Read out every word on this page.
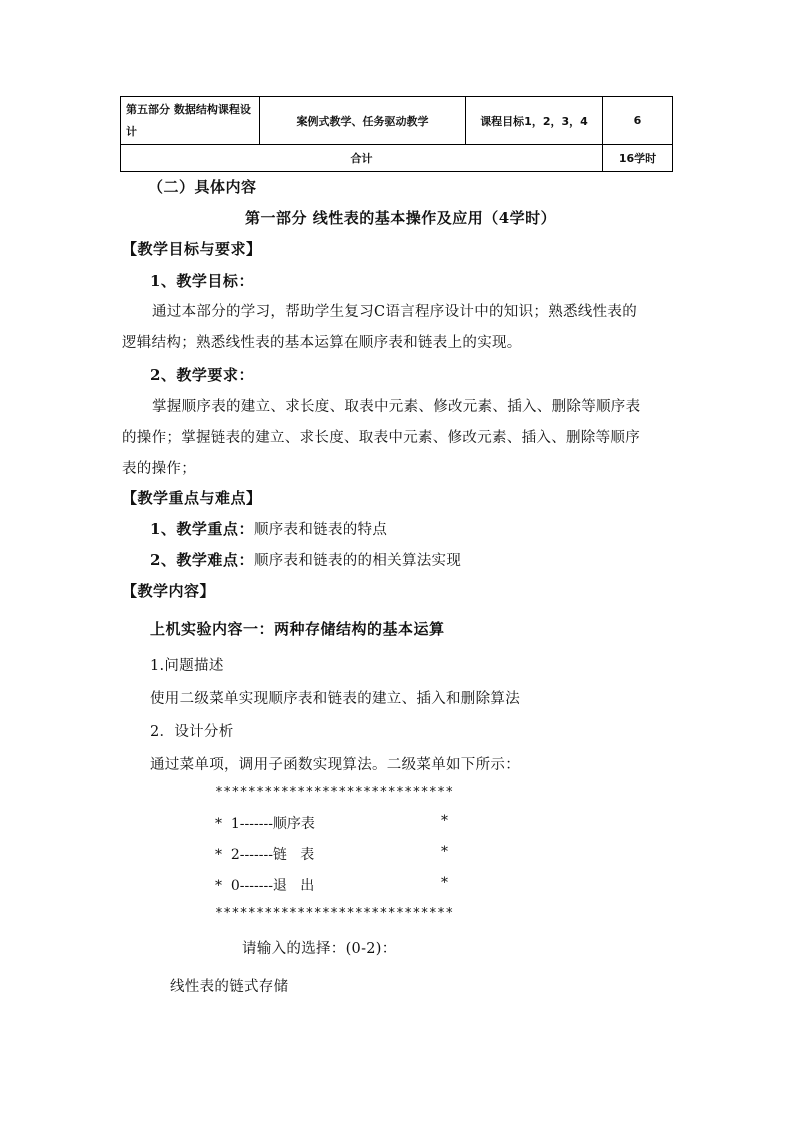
第五部分 数据结构课程设计	案例式教学、任务驱动教学	课程目标1，2，3，4	6
合计			16学时
（二）具体内容
第一部分 线性表的基本操作及应用（4学时）
【教学目标与要求】
1、教学目标：
通过本部分的学习，帮助学生复习C语言程序设计中的知识；熟悉线性表的
逻辑结构；熟悉线性表的基本运算在顺序表和链表上的实现。
2、教学要求：
掌握顺序表的建立、求长度、取表中元素、修改元素、插入、删除等顺序表
的操作；掌握链表的建立、求长度、取表中元素、修改元素、插入、删除等顺序
表的操作；
【教学重点与难点】
1、教学重点：顺序表和链表的特点
2、教学难点：顺序表和链表的的相关算法实现
【教学内容】
上机实验内容一：两种存储结构的基本运算
1.问题描述
使用二级菜单实现顺序表和链表的建立、插入和删除算法
2．设计分析
通过菜单项，调用子函数实现算法。二级菜单如下所示：
*****************************
*  1-------顺序表	*
*  2-------链   表	*
*  0-------退   出	*
*****************************
请输入的选择：(0-2)：
线性表的链式存储
